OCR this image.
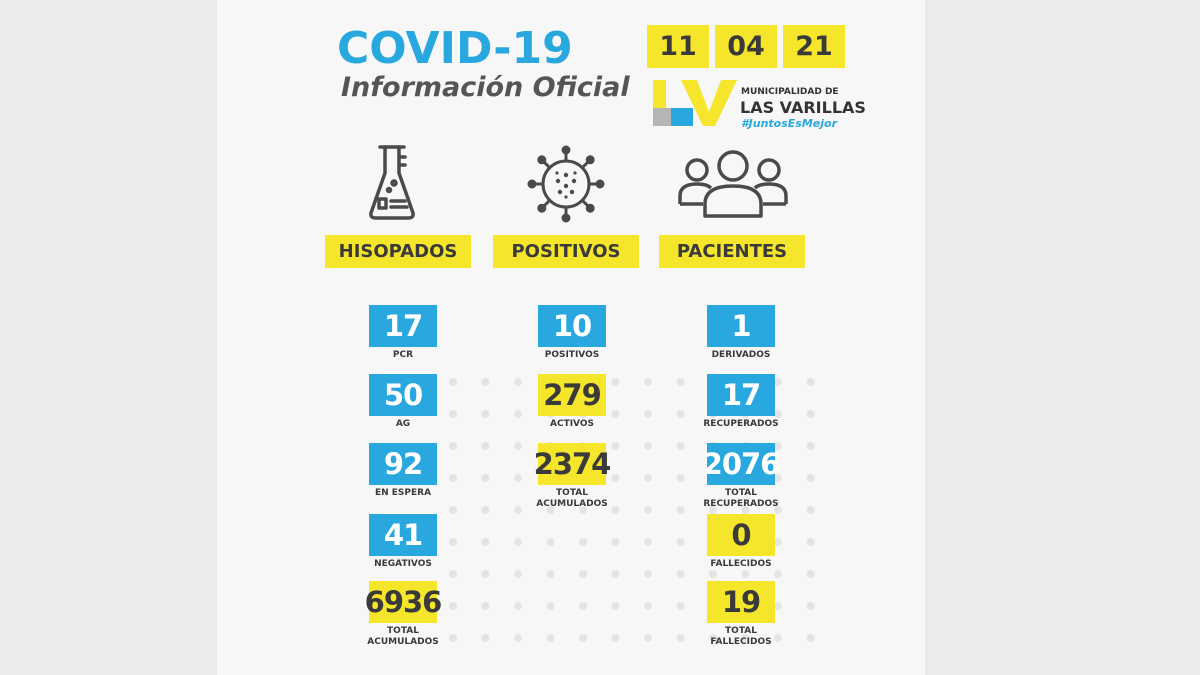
COVID-19
Información Oficial
11	04	21
MUNICIPALIDAD DE
LAS VARILLAS
#JuntosEsMejor
HISOPADOS	POSITIVOS	PACIENTES
17
PCR
50
AG
92
EN ESPERA
41
NEGATIVOS
6936
TOTAL
ACUMULADOS
10
POSITIVOS
279
ACTIVOS
2374
TOTAL
ACUMULADOS
1
DERIVADOS
17
RECUPERADOS
2076
TOTAL
RECUPERADOS
0
FALLECIDOS
19
TOTAL
FALLECIDOS
